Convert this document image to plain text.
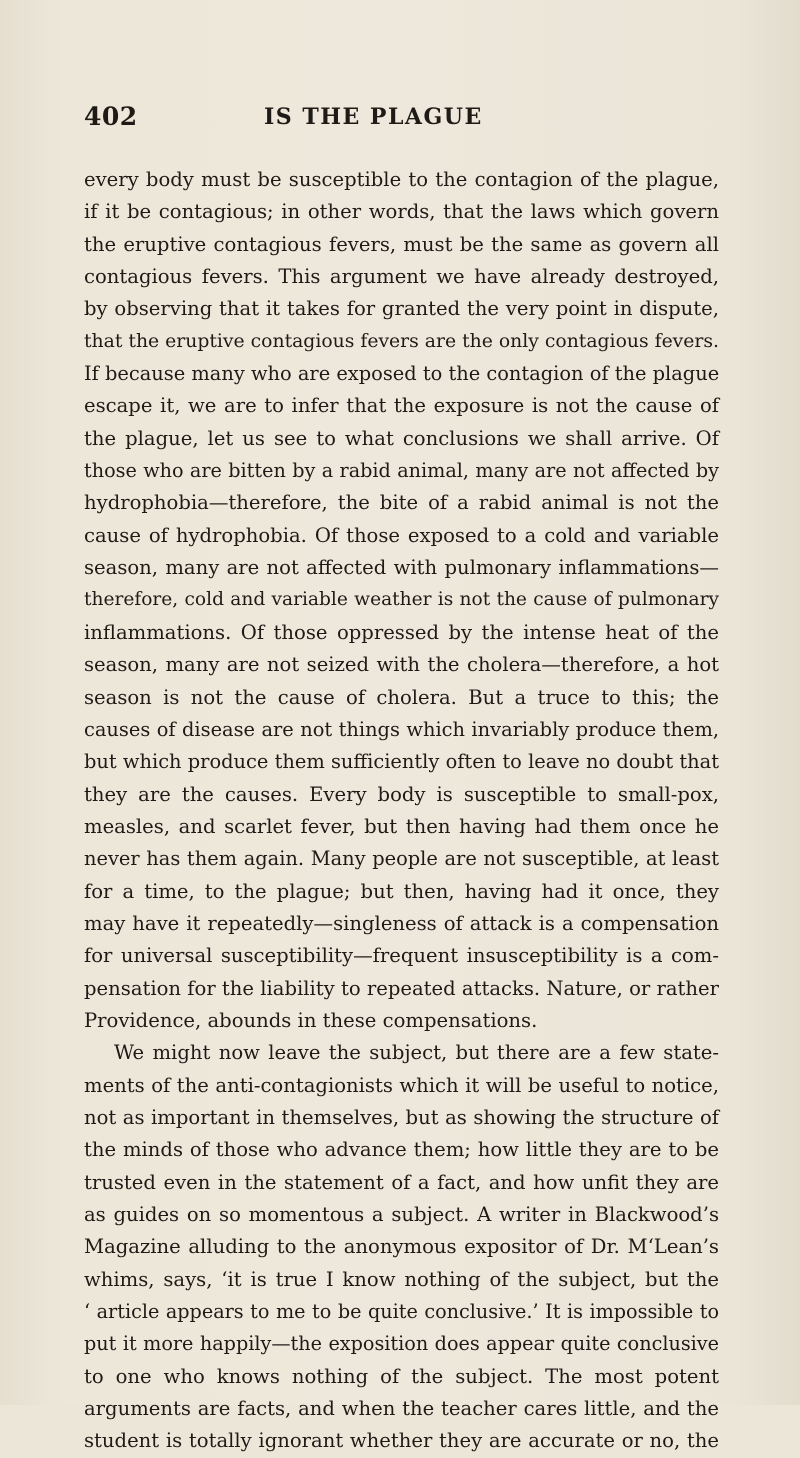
402	IS THE PLAGUE
every body must be susceptible to the contagion of the plague,
if it be contagious; in other words, that the laws which govern
the eruptive contagious fevers, must be the same as govern all
contagious fevers. This argument we have already destroyed,
by observing that it takes for granted the very point in dispute,
that the eruptive contagious fevers are the only contagious fevers.
If because many who are exposed to the contagion of the plague
escape it, we are to infer that the exposure is not the cause of
the plague, let us see to what conclusions we shall arrive. Of
those who are bitten by a rabid animal, many are not affected by
hydrophobia—therefore, the bite of a rabid animal is not the
cause of hydrophobia. Of those exposed to a cold and variable
season, many are not affected with pulmonary inflammations—
therefore, cold and variable weather is not the cause of pulmonary
inflammations. Of those oppressed by the intense heat of the
season, many are not seized with the cholera—therefore, a hot
season is not the cause of cholera. But a truce to this; the
causes of disease are not things which invariably produce them,
but which produce them sufficiently often to leave no doubt that
they are the causes. Every body is susceptible to small-pox,
measles, and scarlet fever, but then having had them once he
never has them again. Many people are not susceptible, at least
for a time, to the plague; but then, having had it once, they
may have it repeatedly—singleness of attack is a compensation
for universal susceptibility—frequent insusceptibility is a com-
pensation for the liability to repeated attacks. Nature, or rather
Providence, abounds in these compensations.
We might now leave the subject, but there are a few state-
ments of the anti-contagionists which it will be useful to notice,
not as important in themselves, but as showing the structure of
the minds of those who advance them; how little they are to be
trusted even in the statement of a fact, and how unfit they are
as guides on so momentous a subject. A writer in Blackwood’s
Magazine alluding to the anonymous expositor of Dr. M‘Lean’s
whims, says, ‘it is true I know nothing of the subject, but the
‘ article appears to me to be quite conclusive.’ It is impossible to
put it more happily—the exposition does appear quite conclusive
to one who knows nothing of the subject. The most potent
arguments are facts, and when the teacher cares little, and the
student is totally ignorant whether they are accurate or no, the
